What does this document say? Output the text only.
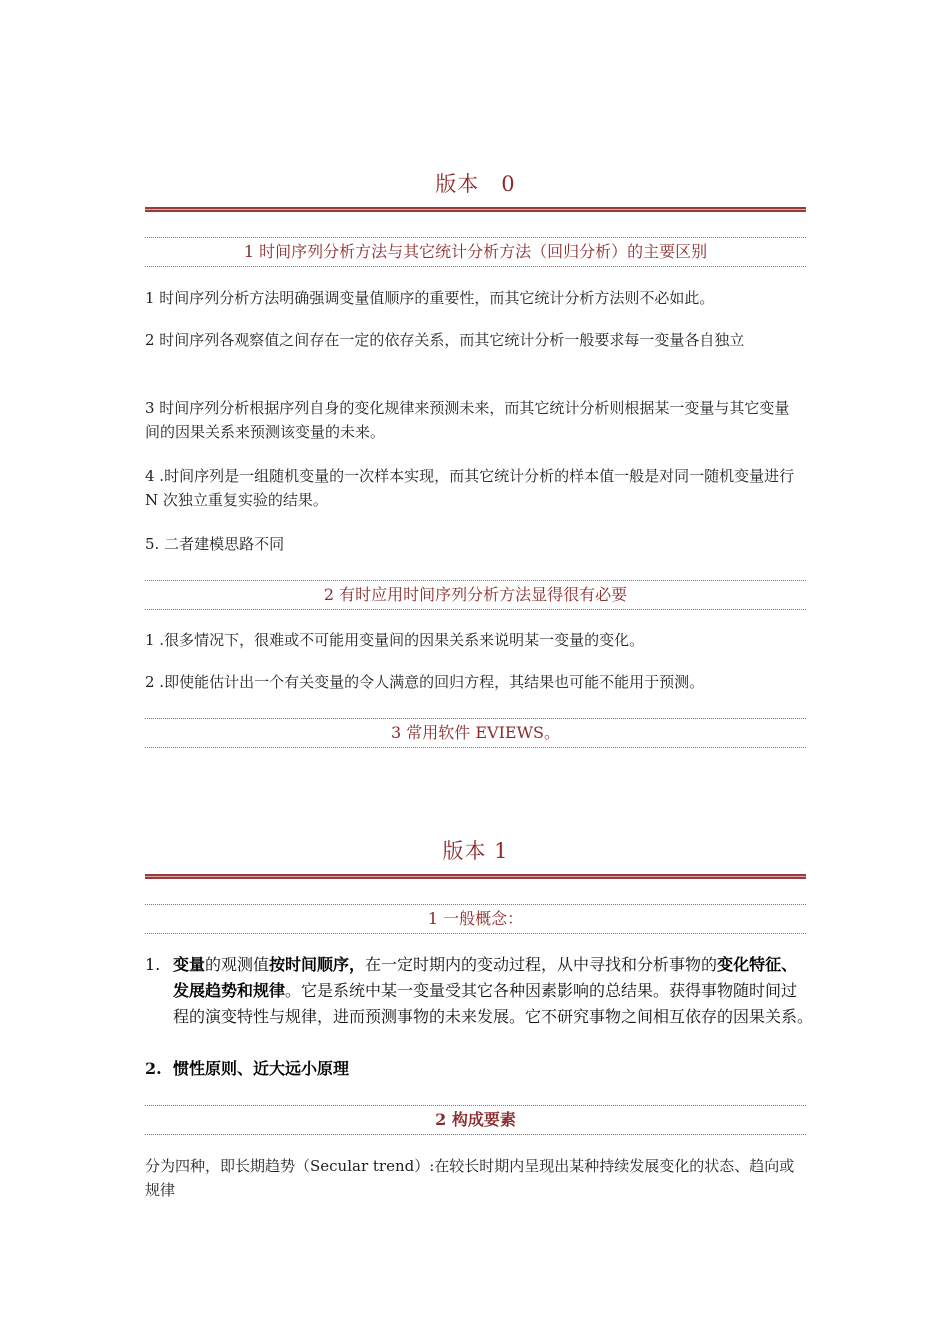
版本　0
1 时间序列分析方法与其它统计分析方法（回归分析）的主要区别
1 时间序列分析方法明确强调变量值顺序的重要性，而其它统计分析方法则不必如此。
2 时间序列各观察值之间存在一定的依存关系，而其它统计分析一般要求每一变量各自独立
3 时间序列分析根据序列自身的变化规律来预测未来，而其它统计分析则根据某一变量与其它变量间的因果关系来预测该变量的未来。
4 .时间序列是一组随机变量的一次样本实现，而其它统计分析的样本值一般是对同一随机变量进行 N 次独立重复实验的结果。
5. 二者建模思路不同
2 有时应用时间序列分析方法显得很有必要
1 .很多情况下，很难或不可能用变量间的因果关系来说明某一变量的变化。
2 .即使能估计出一个有关变量的令人满意的回归方程，其结果也可能不能用于预测。
3 常用软件 EVIEWS。
版本 1
1 一般概念：
1. 变量的观测值按时间顺序，在一定时期内的变动过程，从中寻找和分析事物的变化特征、发展趋势和规律。它是系统中某一变量受其它各种因素影响的总结果。获得事物随时间过程的演变特性与规律，进而预测事物的未来发展。它不研究事物之间相互依存的因果关系。
2. 惯性原则、近大远小原理
2 构成要素
分为四种，即长期趋势（Secular trend）:在较长时期内呈现出某种持续发展变化的状态、趋向或规律
